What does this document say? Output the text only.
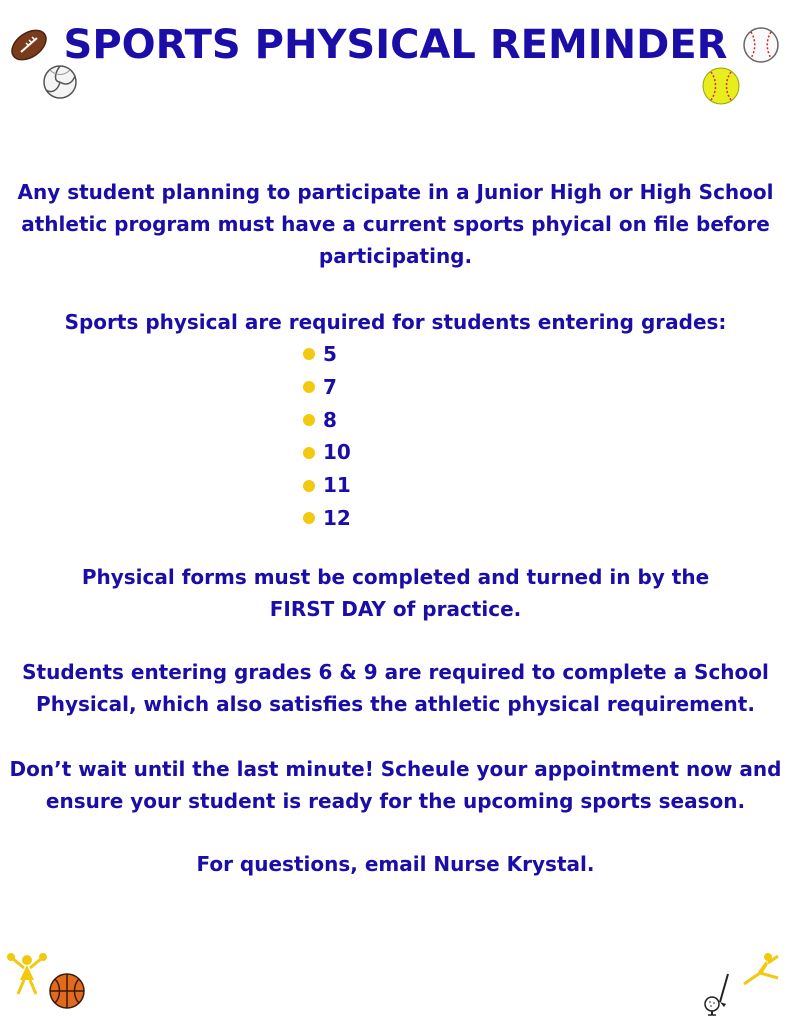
SPORTS PHYSICAL REMINDER
Any student planning to participate in a Junior High or High School
athletic program must have a current sports phyical on file before
participating.
Sports physical are required for students entering grades:
5
7
8
10
11
12
Physical forms must be completed and turned in by the
FIRST DAY of practice.
Students entering grades 6 & 9 are required to complete a School
Physical, which also satisfies the athletic physical requirement.
Don’t wait until the last minute! Scheule your appointment now and
ensure your student is ready for the upcoming sports season.
For questions, email Nurse Krystal.
